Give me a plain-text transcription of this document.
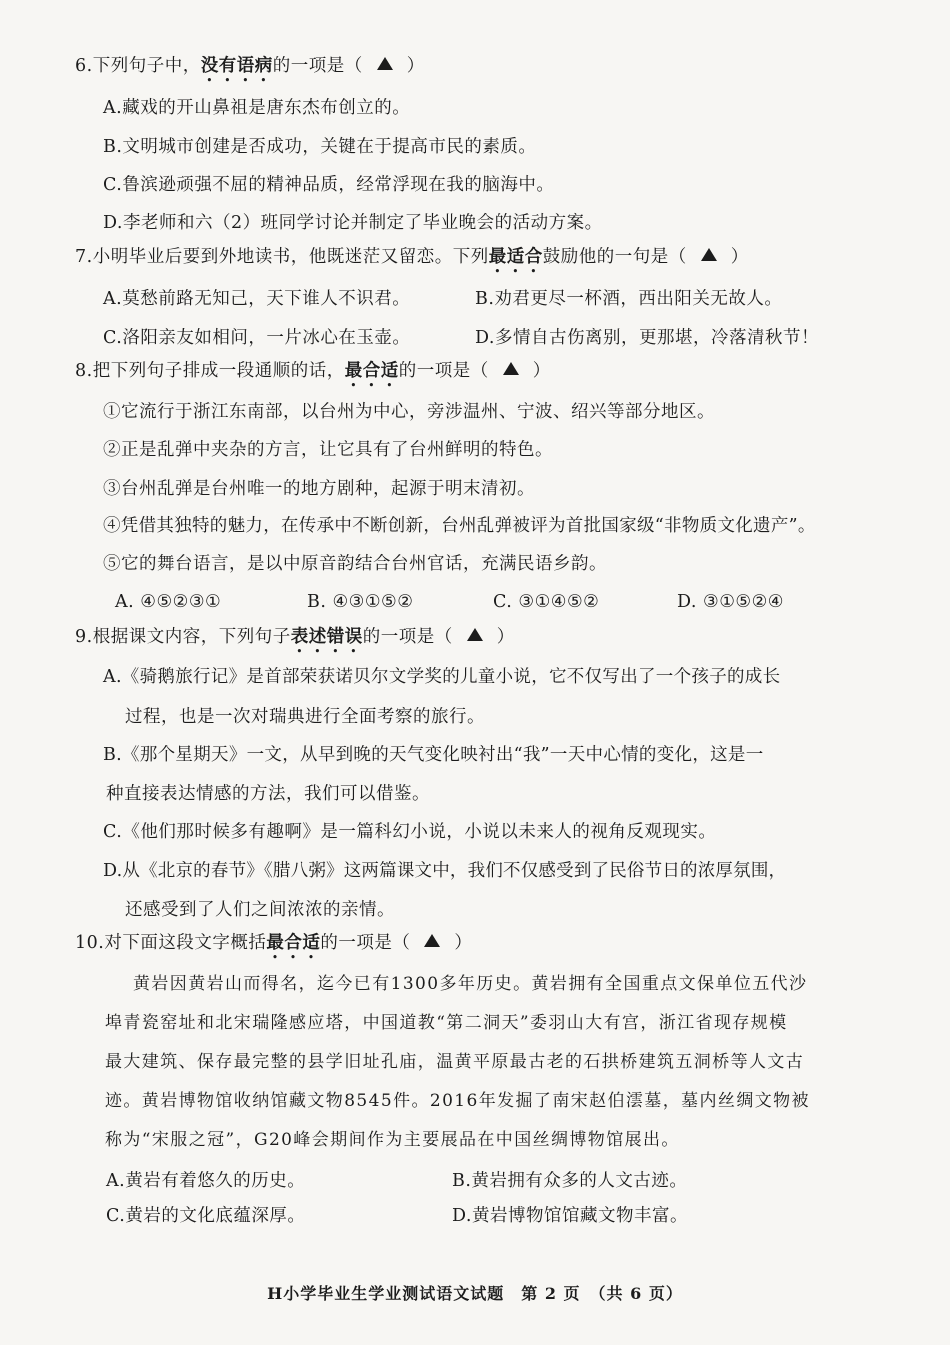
6.下列句子中，没有语病的一项是（	）
A.藏戏的开山鼻祖是唐东杰布创立的。
B.文明城市创建是否成功，关键在于提高市民的素质。
C.鲁滨逊顽强不屈的精神品质，经常浮现在我的脑海中。
D.李老师和六（2）班同学讨论并制定了毕业晚会的活动方案。
7.小明毕业后要到外地读书，他既迷茫又留恋。下列最适合鼓励他的一句是（	）
A.莫愁前路无知己，天下谁人不识君。	B.劝君更尽一杯酒，西出阳关无故人。
C.洛阳亲友如相问，一片冰心在玉壶。	D.多情自古伤离别，更那堪，冷落清秋节！
8.把下列句子排成一段通顺的话，最合适的一项是（	）
①它流行于浙江东南部，以台州为中心，旁涉温州、宁波、绍兴等部分地区。
②正是乱弹中夹杂的方言，让它具有了台州鲜明的特色。
③台州乱弹是台州唯一的地方剧种，起源于明末清初。
④凭借其独特的魅力，在传承中不断创新，台州乱弹被评为首批国家级“非物质文化遗产”。
⑤它的舞台语言，是以中原音韵结合台州官话，充满民语乡韵。
A. ④⑤②③①	B. ④③①⑤②	C. ③①④⑤②	D. ③①⑤②④
9.根据课文内容，下列句子表述错误的一项是（	）
A.《骑鹅旅行记》是首部荣获诺贝尔文学奖的儿童小说，它不仅写出了一个孩子的成长
过程，也是一次对瑞典进行全面考察的旅行。
B.《那个星期天》一文，从早到晚的天气变化映衬出“我”一天中心情的变化，这是一
种直接表达情感的方法，我们可以借鉴。
C.《他们那时候多有趣啊》是一篇科幻小说，小说以未来人的视角反观现实。
D.从《北京的春节》《腊八粥》这两篇课文中，我们不仅感受到了民俗节日的浓厚氛围，
还感受到了人们之间浓浓的亲情。
10.对下面这段文字概括最合适的一项是（	）
黄岩因黄岩山而得名，迄今已有1300多年历史。黄岩拥有全国重点文保单位五代沙
埠青瓷窑址和北宋瑞隆感应塔，中国道教“第二洞天”委羽山大有宫，浙江省现存规模
最大建筑、保存最完整的县学旧址孔庙，温黄平原最古老的石拱桥建筑五洞桥等人文古
迹。黄岩博物馆收纳馆藏文物8545件。2016年发掘了南宋赵伯澐墓，墓内丝绸文物被
称为“宋服之冠”，G20峰会期间作为主要展品在中国丝绸博物馆展出。
A.黄岩有着悠久的历史。	B.黄岩拥有众多的人文古迹。
C.黄岩的文化底蕴深厚。	D.黄岩博物馆馆藏文物丰富。
H小学毕业生学业测试语文试题　第 2 页　（共 6 页）
